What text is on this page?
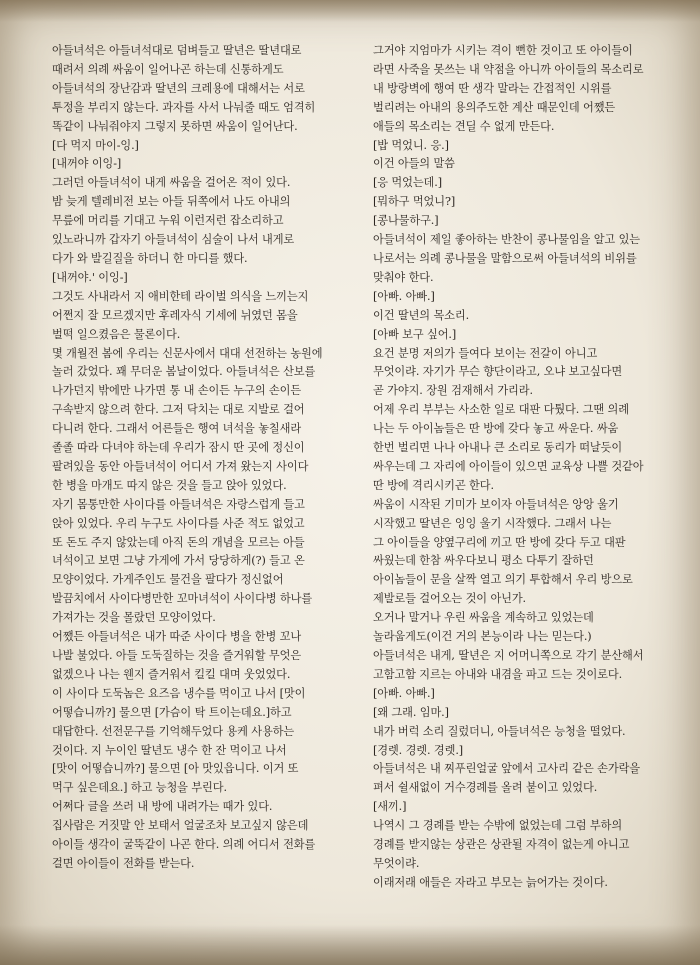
아들녀석은 아들녀석대로 덤벼들고 딸년은 딸년대로

때려서 의례 싸움이 일어나곤 하는데 신통하게도

아들녀석의 장난감과 딸년의 크레용에 대해서는 서로

투정을 부리지 않는다. 과자를 사서 나눠줄 때도 엄격히

똑같이 나눠줘야지 그렇지 못하면 싸움이 일어난다.

[다 먹지 마이-잉.]

[내꺼야 이잉-]

그러던 아들녀석이 내게 싸움을 걸어온 적이 있다.

밤 늦게 텔레비전 보는 아들 뒤쪽에서 나도 아내의

무릎에 머리를 기대고 누워 이런저런 잡소리하고

있노라니까 갑자기 아들녀석이 심술이 나서 내게로

다가 와 발길질을 하더니 한 마디를 했다.

[내꺼야.' 이잉-]

그것도 사내라서 지 애비한테 라이벌 의식을 느끼는지

어쩐지 잘 모르겠지만 후레자식 기세에 뉘였던 몸을

벌떡 일으켰음은 물론이다.

몇 개월전 봄에 우리는 신문사에서 대대 선전하는 농원에

놀러 갔었다. 꽤 무더운 봄날이었다. 아들녀석은 산보를

나가던지 밖에만 나가면 통 내 손이든 누구의 손이든

구속받지 않으려 한다. 그저 닥치는 대로 지발로 걸어

다니려 한다. 그래서 어른들은 행여 녀석을 놓칠새라

졸졸 따라 다녀야 하는데 우리가 잠시 딴 곳에 정신이

팔려있을 동안 아들녀석이 어디서 가져 왔는지 사이다

한 병을 마개도 따지 않은 것을 들고 앉아 있었다.

자기 몸통만한 사이다를 아들녀석은 자랑스럽게 들고

앉아 있었다. 우리 누구도 사이다를 사준 적도 없었고

또 돈도 주지 않았는데 아직 돈의 개념을 모르는 아들

녀석이고 보면 그냥 가게에 가서 당당하게(?) 들고 온

모양이었다. 가게주인도 물건을 팔다가 정신없어

발끔치에서 사이다병만한 꼬마녀석이 사이다병 하나를

가져가는 것을 몰랐던 모양이었다.

어쨌든 아들녀석은 내가 따준 사이다 병을 한병 꼬나

나발 불었다. 아들 도둑질하는 것을 즐거워할 무엇은

없겠으나 나는 웬지 즐거워서 킬킬 대며 웃었었다.

이 사이다 도둑놈은 요즈음 냉수를 먹이고 나서 [맛이

어떻습니까?] 물으면 [가슴이 탁 트이는데요.]하고

대답한다. 선전문구를 기억해두었다 용케 사용하는

것이다. 지 누이인 딸년도 냉수 한 잔 먹이고 나서

[맛이 어떻습니까?] 물으면 [아 맛있읍니다. 이거 또

먹구 싶은데요.] 하고 능청을 부린다.

어쩌다 글을 쓰러 내 방에 내려가는 때가 있다.

집사람은 거짓말 안 보태서 얼굴조차 보고싶지 않은데

아이들 생각이 굴뚝같이 나곤 한다. 의례 어디서 전화를

걸면 아이들이 전화를 받는다.

그거야 지엄마가 시키는 격이 뻔한 것이고 또 아이들이

라면 사죽을 못쓰는 내 약점을 아니까 아이들의 목소리로

내 방랑벽에 행여 딴 생각 말라는 간접적인 시위를

벌리려는 아내의 용의주도한 계산 때문인데 어쨌든

애들의 목소리는 견딜 수 없게 만든다.

[밥 먹었니. 응.]

이건 아들의 말씀

[응 먹었는데.]

[뭐하구 먹었니?]

[콩나물하구.]

아들녀석이 제일 좋아하는 반찬이 콩나물임을 알고 있는

나로서는 의례 콩나물을 말함으로써 아들녀석의 비위를

맞춰야 한다.

[아빠. 아빠.]

이건 딸년의 목소리.

[아빠 보구 싶어.]

요건 분명 저의가 들여다 보이는 전갈이 아니고

무엇이랴. 자기가 무슨 향단이라고, 오냐 보고싶다면

곧 가야지. 장원 검재해서 가리라.

어제 우리 부부는 사소한 일로 대판 다퉜다. 그땐 의례

나는 두 아이놈들은 딴 방에 갖다 놓고 싸운다. 싸움

한번 벌리면 나나 아내나 큰 소리로 동리가 떠날듯이

싸우는데 그 자리에 아이들이 있으면 교육상 나쁠 것같아

딴 방에 격리시키곤 한다.

싸움이 시작된 기미가 보이자 아들녀석은 앙앙 울기

시작했고 딸년은 잉잉 울기 시작했다. 그래서 나는

그 아이들을 양옆구리에 끼고 딴 방에 갖다 두고 대판

싸웠는데 한참 싸우다보니 평소 다투기 잘하던

아이놈들이 문을 살짝 열고 의기 투합해서 우리 방으로

제발로들 걸어오는 것이 아닌가.

오거나 말거나 우린 싸움을 계속하고 있었는데

놀라웁게도(이건 거의 본능이라 나는 믿는다.)

아들녀석은 내게, 딸년은 지 어머니쪽으로 각기 분산해서

고함고함 지르는 아내와 내겸을 파고 드는 것이로다.

[아빠. 아빠.]

[왜 그래. 임마.]

내가 버럭 소리 질렀더니, 아들녀석은 능청을 떨었다.

[경렛. 경렛. 경렛.]

아들녀석은 내 찌푸린얼굴 앞에서 고사리 같은 손가락을

펴서 쉴새없이 거수경례를 올려 붙이고 있었다.

[새끼.]

나역시 그 경례를 받는 수밖에 없었는데 그럼 부하의

경례를 받지않는 상관은 상관될 자격이 없는게 아니고

무엇이랴.

이래저래 애들은 자라고 부모는 늙어가는 것이다.
